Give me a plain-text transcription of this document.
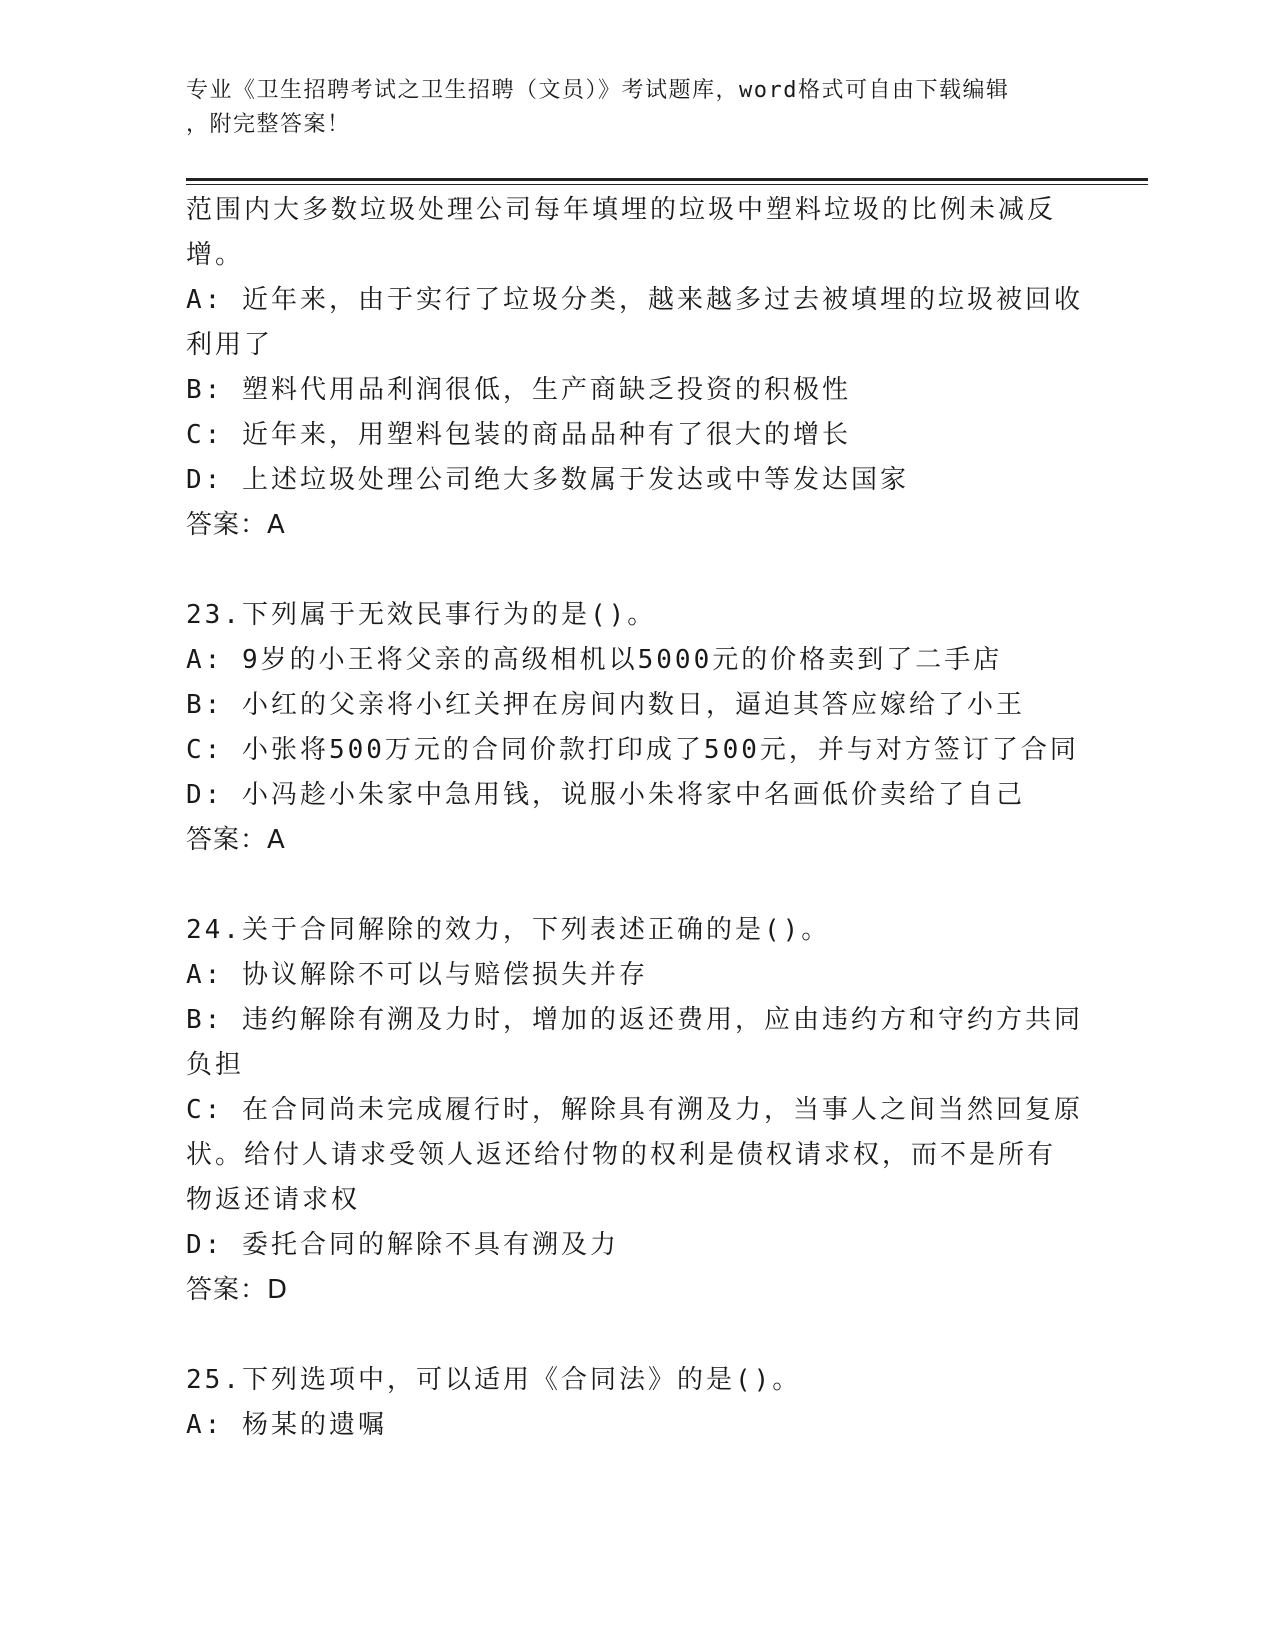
专业《卫生招聘考试之卫生招聘（文员）》考试题库，word格式可自由下载编辑

，附完整答案！

范围内大多数垃圾处理公司每年填埋的垃圾中塑料垃圾的比例未减反

增。

A: 近年来，由于实行了垃圾分类，越来越多过去被填埋的垃圾被回收

利用了

B: 塑料代用品利润很低，生产商缺乏投资的积极性

C: 近年来，用塑料包装的商品品种有了很大的增长

D: 上述垃圾处理公司绝大多数属于发达或中等发达国家

答案：A

23.下列属于无效民事行为的是()。

A: 9岁的小王将父亲的高级相机以5000元的价格卖到了二手店

B: 小红的父亲将小红关押在房间内数日，逼迫其答应嫁给了小王

C: 小张将500万元的合同价款打印成了500元，并与对方签订了合同

D: 小冯趁小朱家中急用钱，说服小朱将家中名画低价卖给了自己

答案：A

24.关于合同解除的效力，下列表述正确的是()。

A: 协议解除不可以与赔偿损失并存

B: 违约解除有溯及力时，增加的返还费用，应由违约方和守约方共同

负担

C: 在合同尚未完成履行时，解除具有溯及力，当事人之间当然回复原

状。给付人请求受领人返还给付物的权利是债权请求权，而不是所有

物返还请求权

D: 委托合同的解除不具有溯及力

答案：D

25.下列选项中，可以适用《合同法》的是()。

A: 杨某的遗嘱
